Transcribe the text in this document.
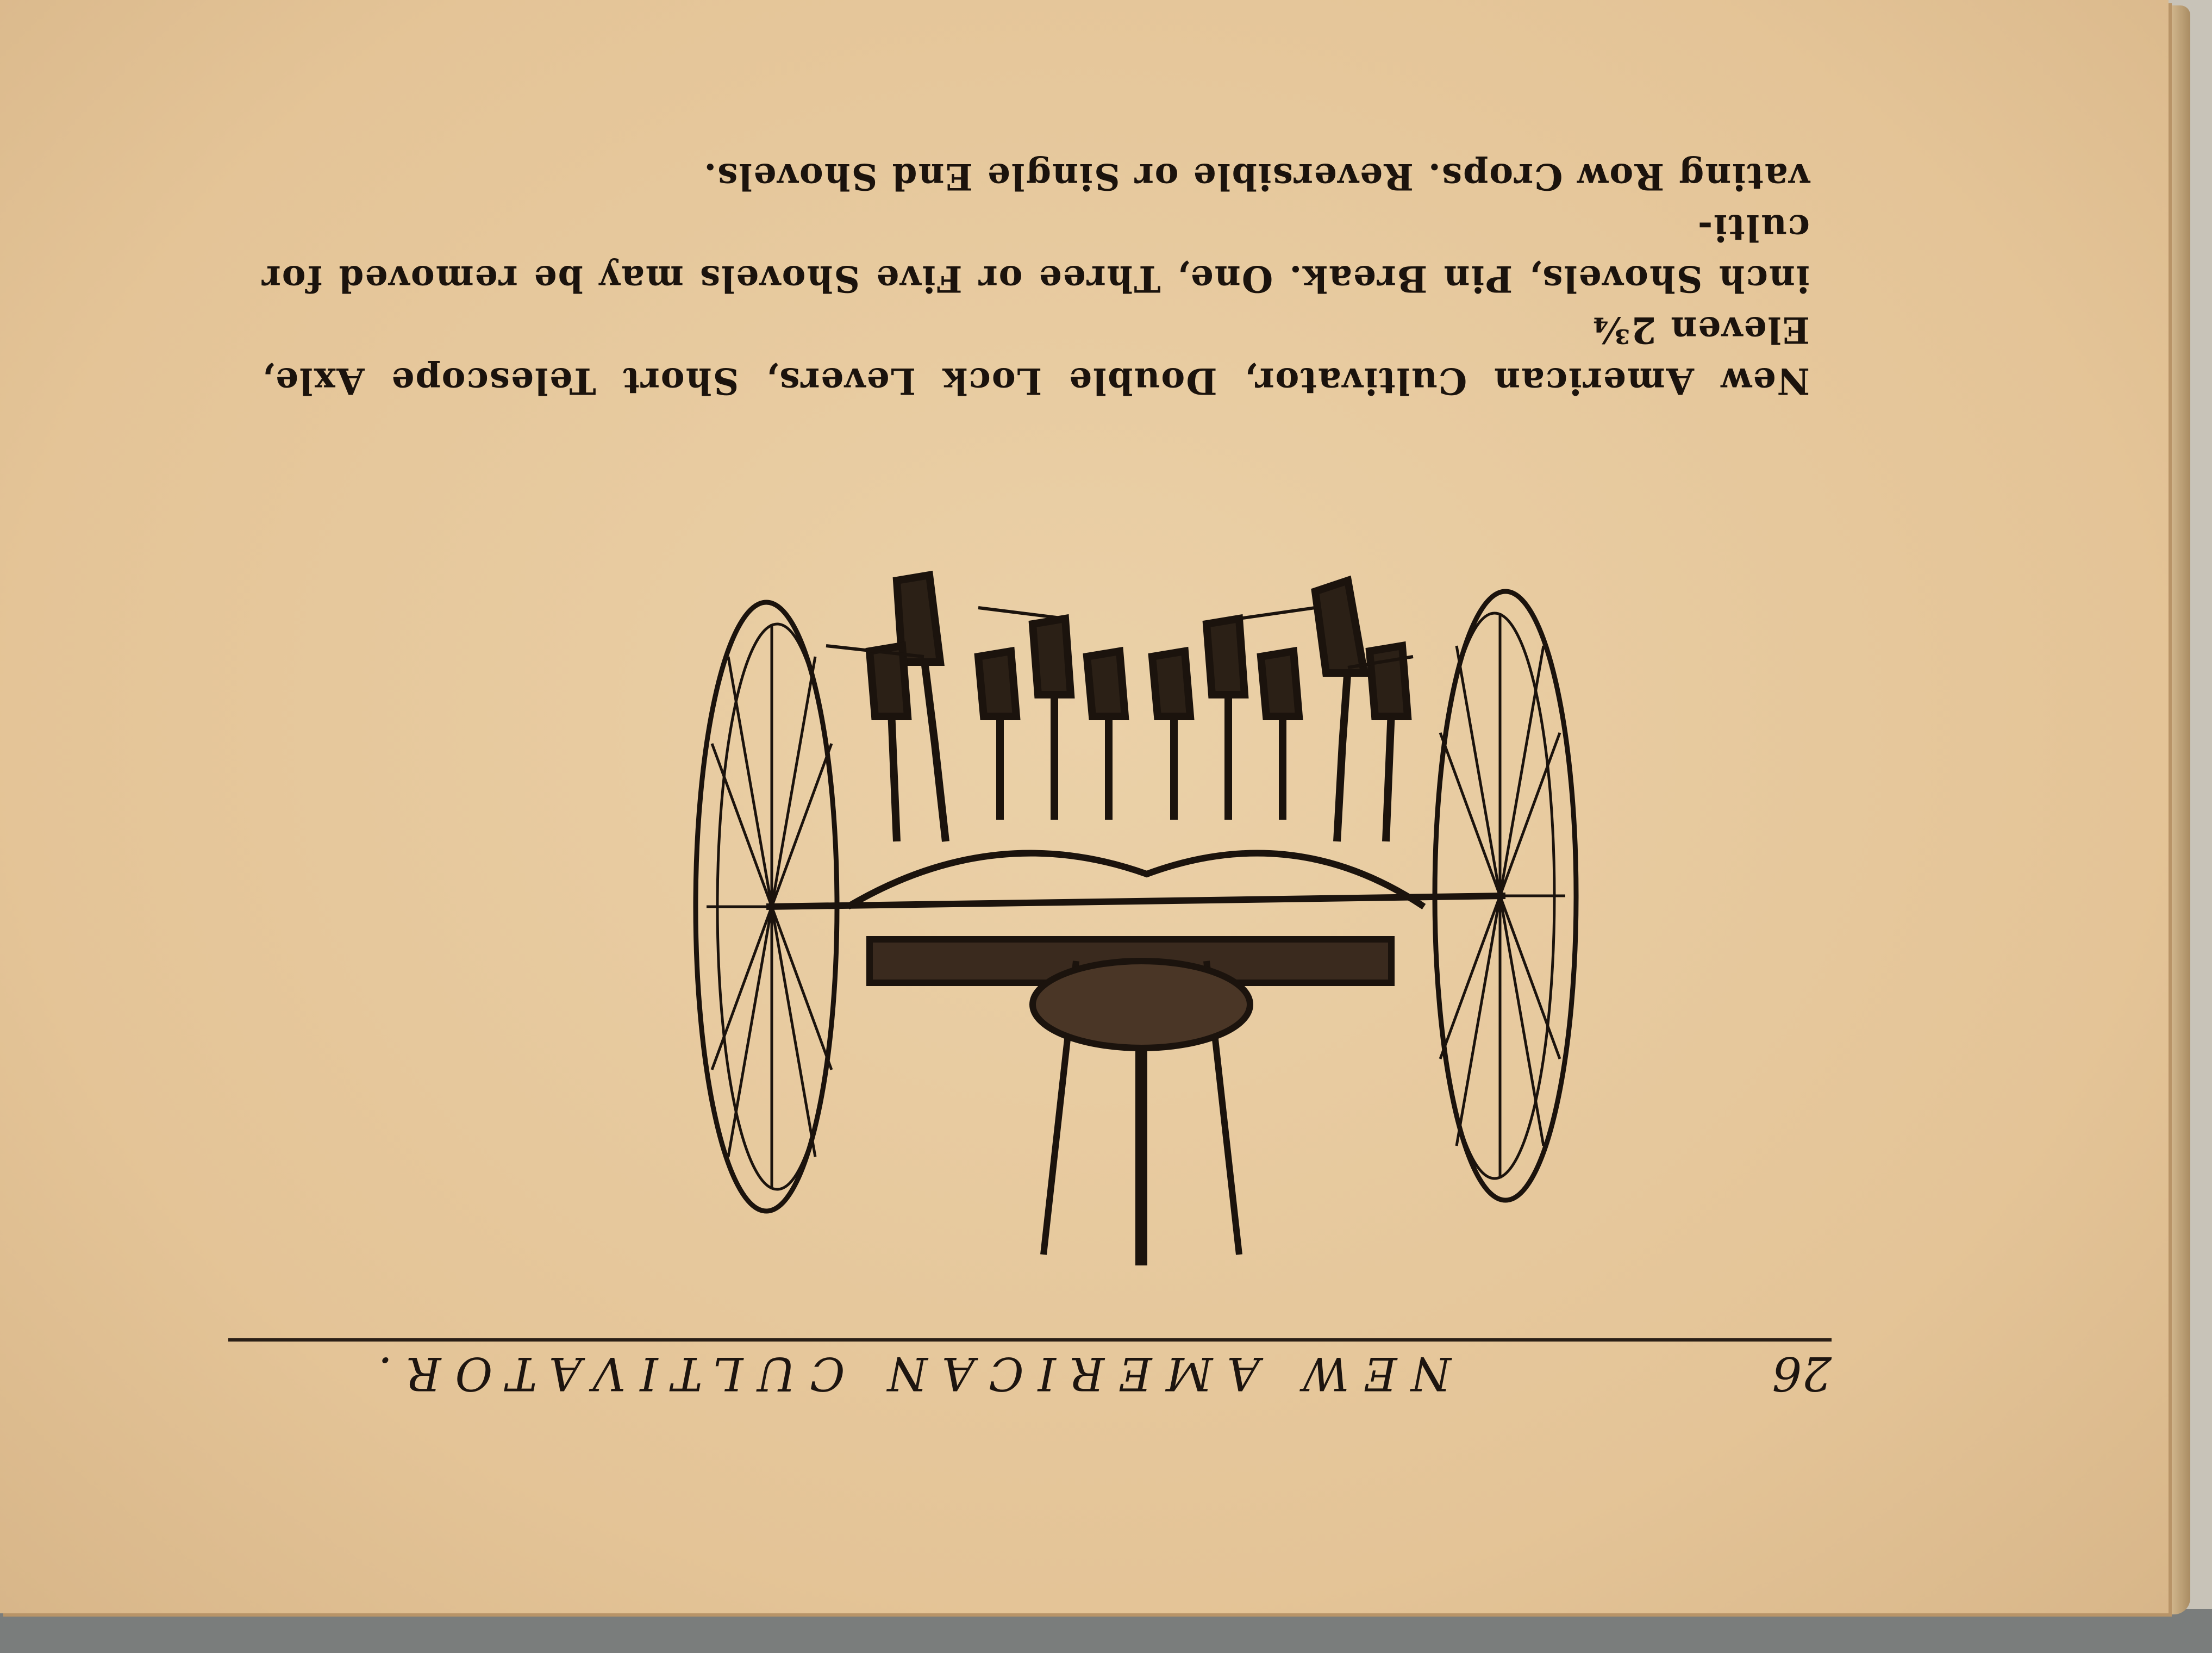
26
NEW AMERICAN CULTIVATOR.
New American Cultivator, Double Lock Levers, Short Telescope Axle, Eleven 2¾
inch Shovels, Pin Break. One, Three or Five Shovels may be removed for culti-
vating Row Crops. Reversible or Single End Shovels.
